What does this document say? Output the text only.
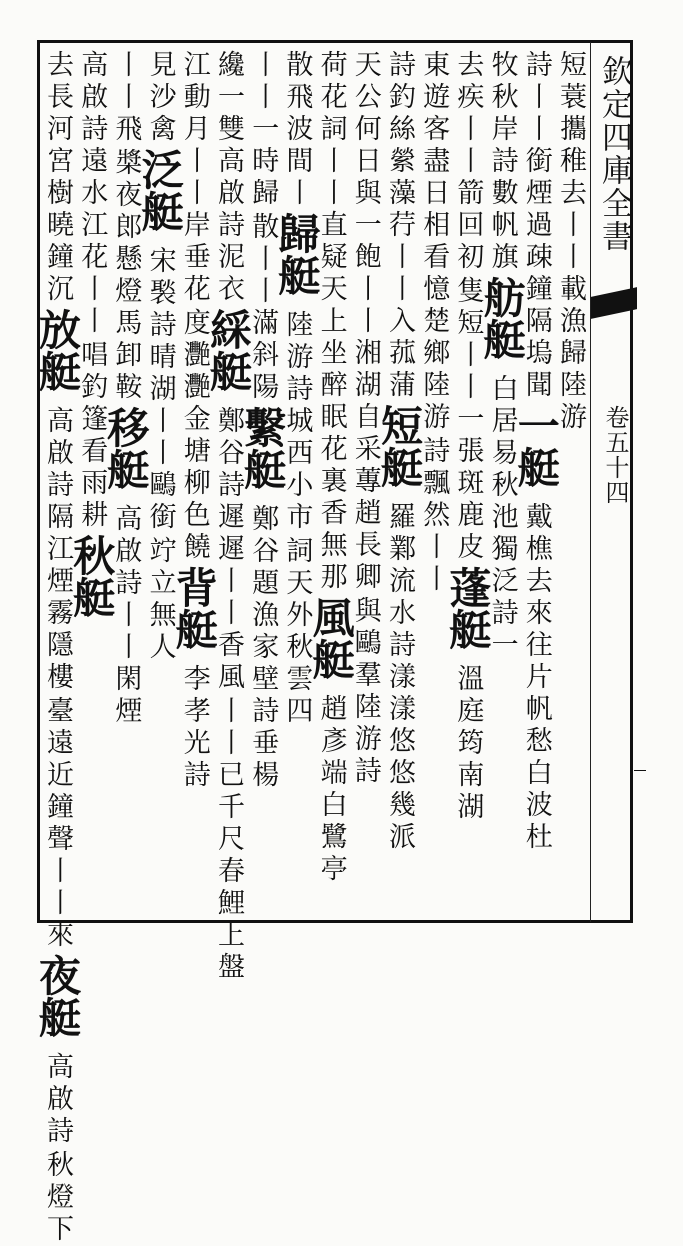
欽定四庫全書
卷五十四
短蓑攜稚去丨丨載漁歸陸游
詩丨丨銜煙過疎鐘隔塢聞
一艇
戴樵去來往片帆愁白波杜
牧秋岸詩數帆旗
舫艇
白居易秋池獨泛詩一
去疾丨丨箭回初
隻短丨丨一張斑鹿皮
蓬艇
溫庭筠南湖
東遊客盡日相看憶楚鄉陸游
詩飄然丨丨
詩釣絲縈藻荇丨丨入菰蒲
短艇
羅鄴流水詩漾漾悠悠幾派
天公何日與一飽丨丨湘湖自采蓴趙長卿
與鷗羣陸游詩
荷花詞丨丨直疑天上坐醉眠花裏香無那
風艇
趙彥端白鷺亭
散飛波間丨
歸艇
陸游詩城西小市
詞天外秋雲四
丨丨一時歸
散丨丨滿斜陽
繫艇
鄭谷題漁家壁詩垂楊
纔一雙高啟詩泥衣
綵艇
鄭谷詩遲遲丨丨香風
丨丨已千尺春鯉上盤
江動月丨丨岸垂花
度灧灧金塘柳色饒
背艇
李孝光詩
見沙禽
泛艇
宋褧詩晴湖丨丨鷗銜
竚立無人
丨丨飛
槳夜郎懸燈馬卸鞍
移艇
高啟詩丨丨閑煙
高啟詩遠水江花丨丨
唱釣篷看雨耕
秋艇
去長河宮樹曉鐘沉
放艇
高啟詩隔江煙霧隱樓
臺遠近鐘聲丨丨來
夜艇
高啟詩
秋燈下
